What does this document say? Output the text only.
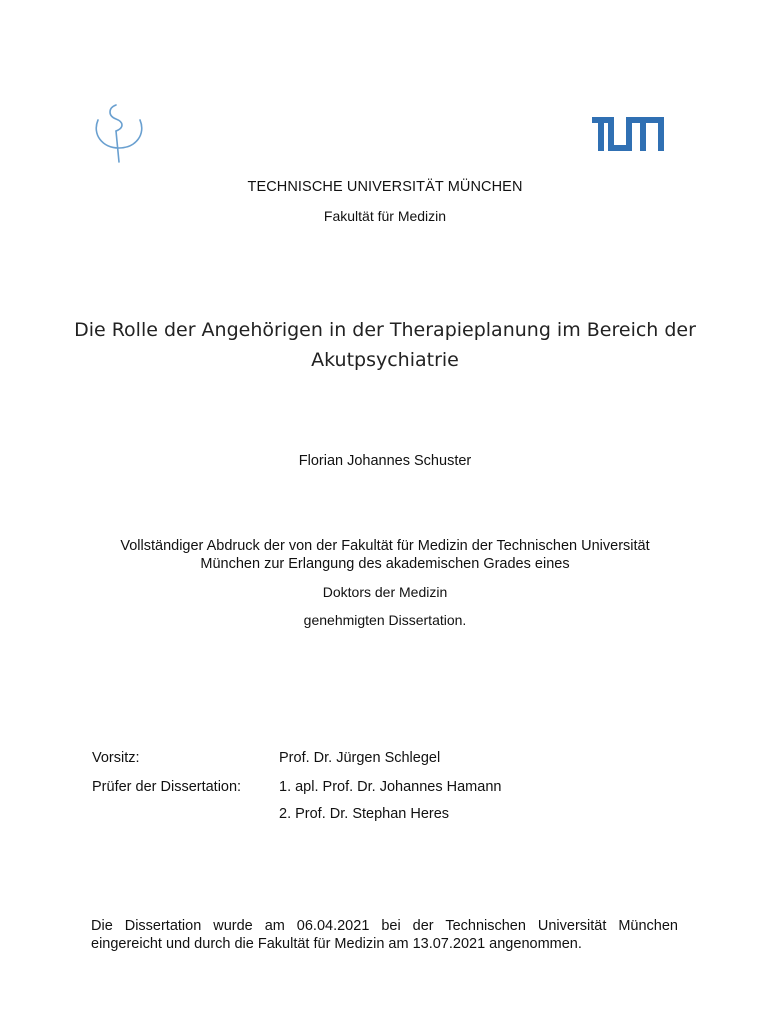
TECHNISCHE UNIVERSITÄT MÜNCHEN
Fakultät für Medizin
Die Rolle der Angehörigen in der Therapieplanung im Bereich der
Akutpsychiatrie
Florian Johannes Schuster
Vollständiger Abdruck der von der Fakultät für Medizin der Technischen Universität
München zur Erlangung des akademischen Grades eines
Doktors der Medizin
genehmigten Dissertation.
Vorsitz:	Prof. Dr. Jürgen Schlegel
Prüfer der Dissertation:	1. apl. Prof. Dr. Johannes Hamann
2. Prof. Dr. Stephan Heres
Die Dissertation wurde am 06.04.2021 bei der Technischen Universität München eingereicht und durch die Fakultät für Medizin am 13.07.2021 angenommen.
